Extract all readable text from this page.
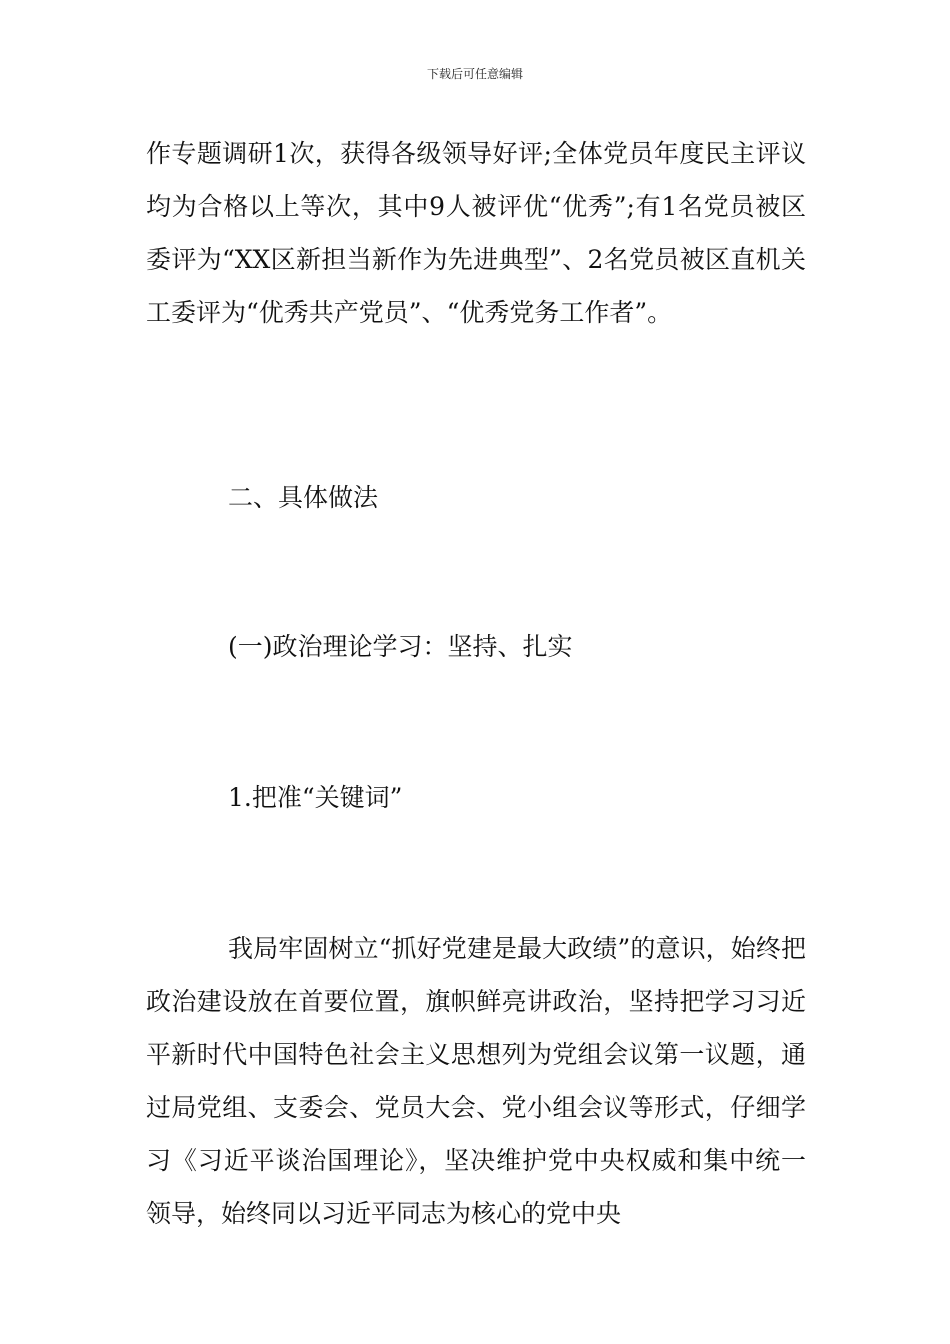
下载后可任意编辑

作专题调研1次，获得各级领导好评;全体党员年度民主评议均为合格以上等次，其中9人被评优“优秀”;有1名党员被区委评为“XX区新担当新作为先进典型”、2名党员被区直机关工委评为“优秀共产党员”、“优秀党务工作者”。

二、具体做法

(一)政治理论学习：坚持、扎实

1.把准“关键词”

我局牢固树立“抓好党建是最大政绩”的意识，始终把政治建设放在首要位置，旗帜鲜亮讲政治，坚持把学习习近平新时代中国特色社会主义思想列为党组会议第一议题，通过局党组、支委会、党员大会、党小组会议等形式，仔细学习《习近平谈治国理论》，坚决维护党中央权威和集中统一领导，始终同以习近平同志为核心的党中央
